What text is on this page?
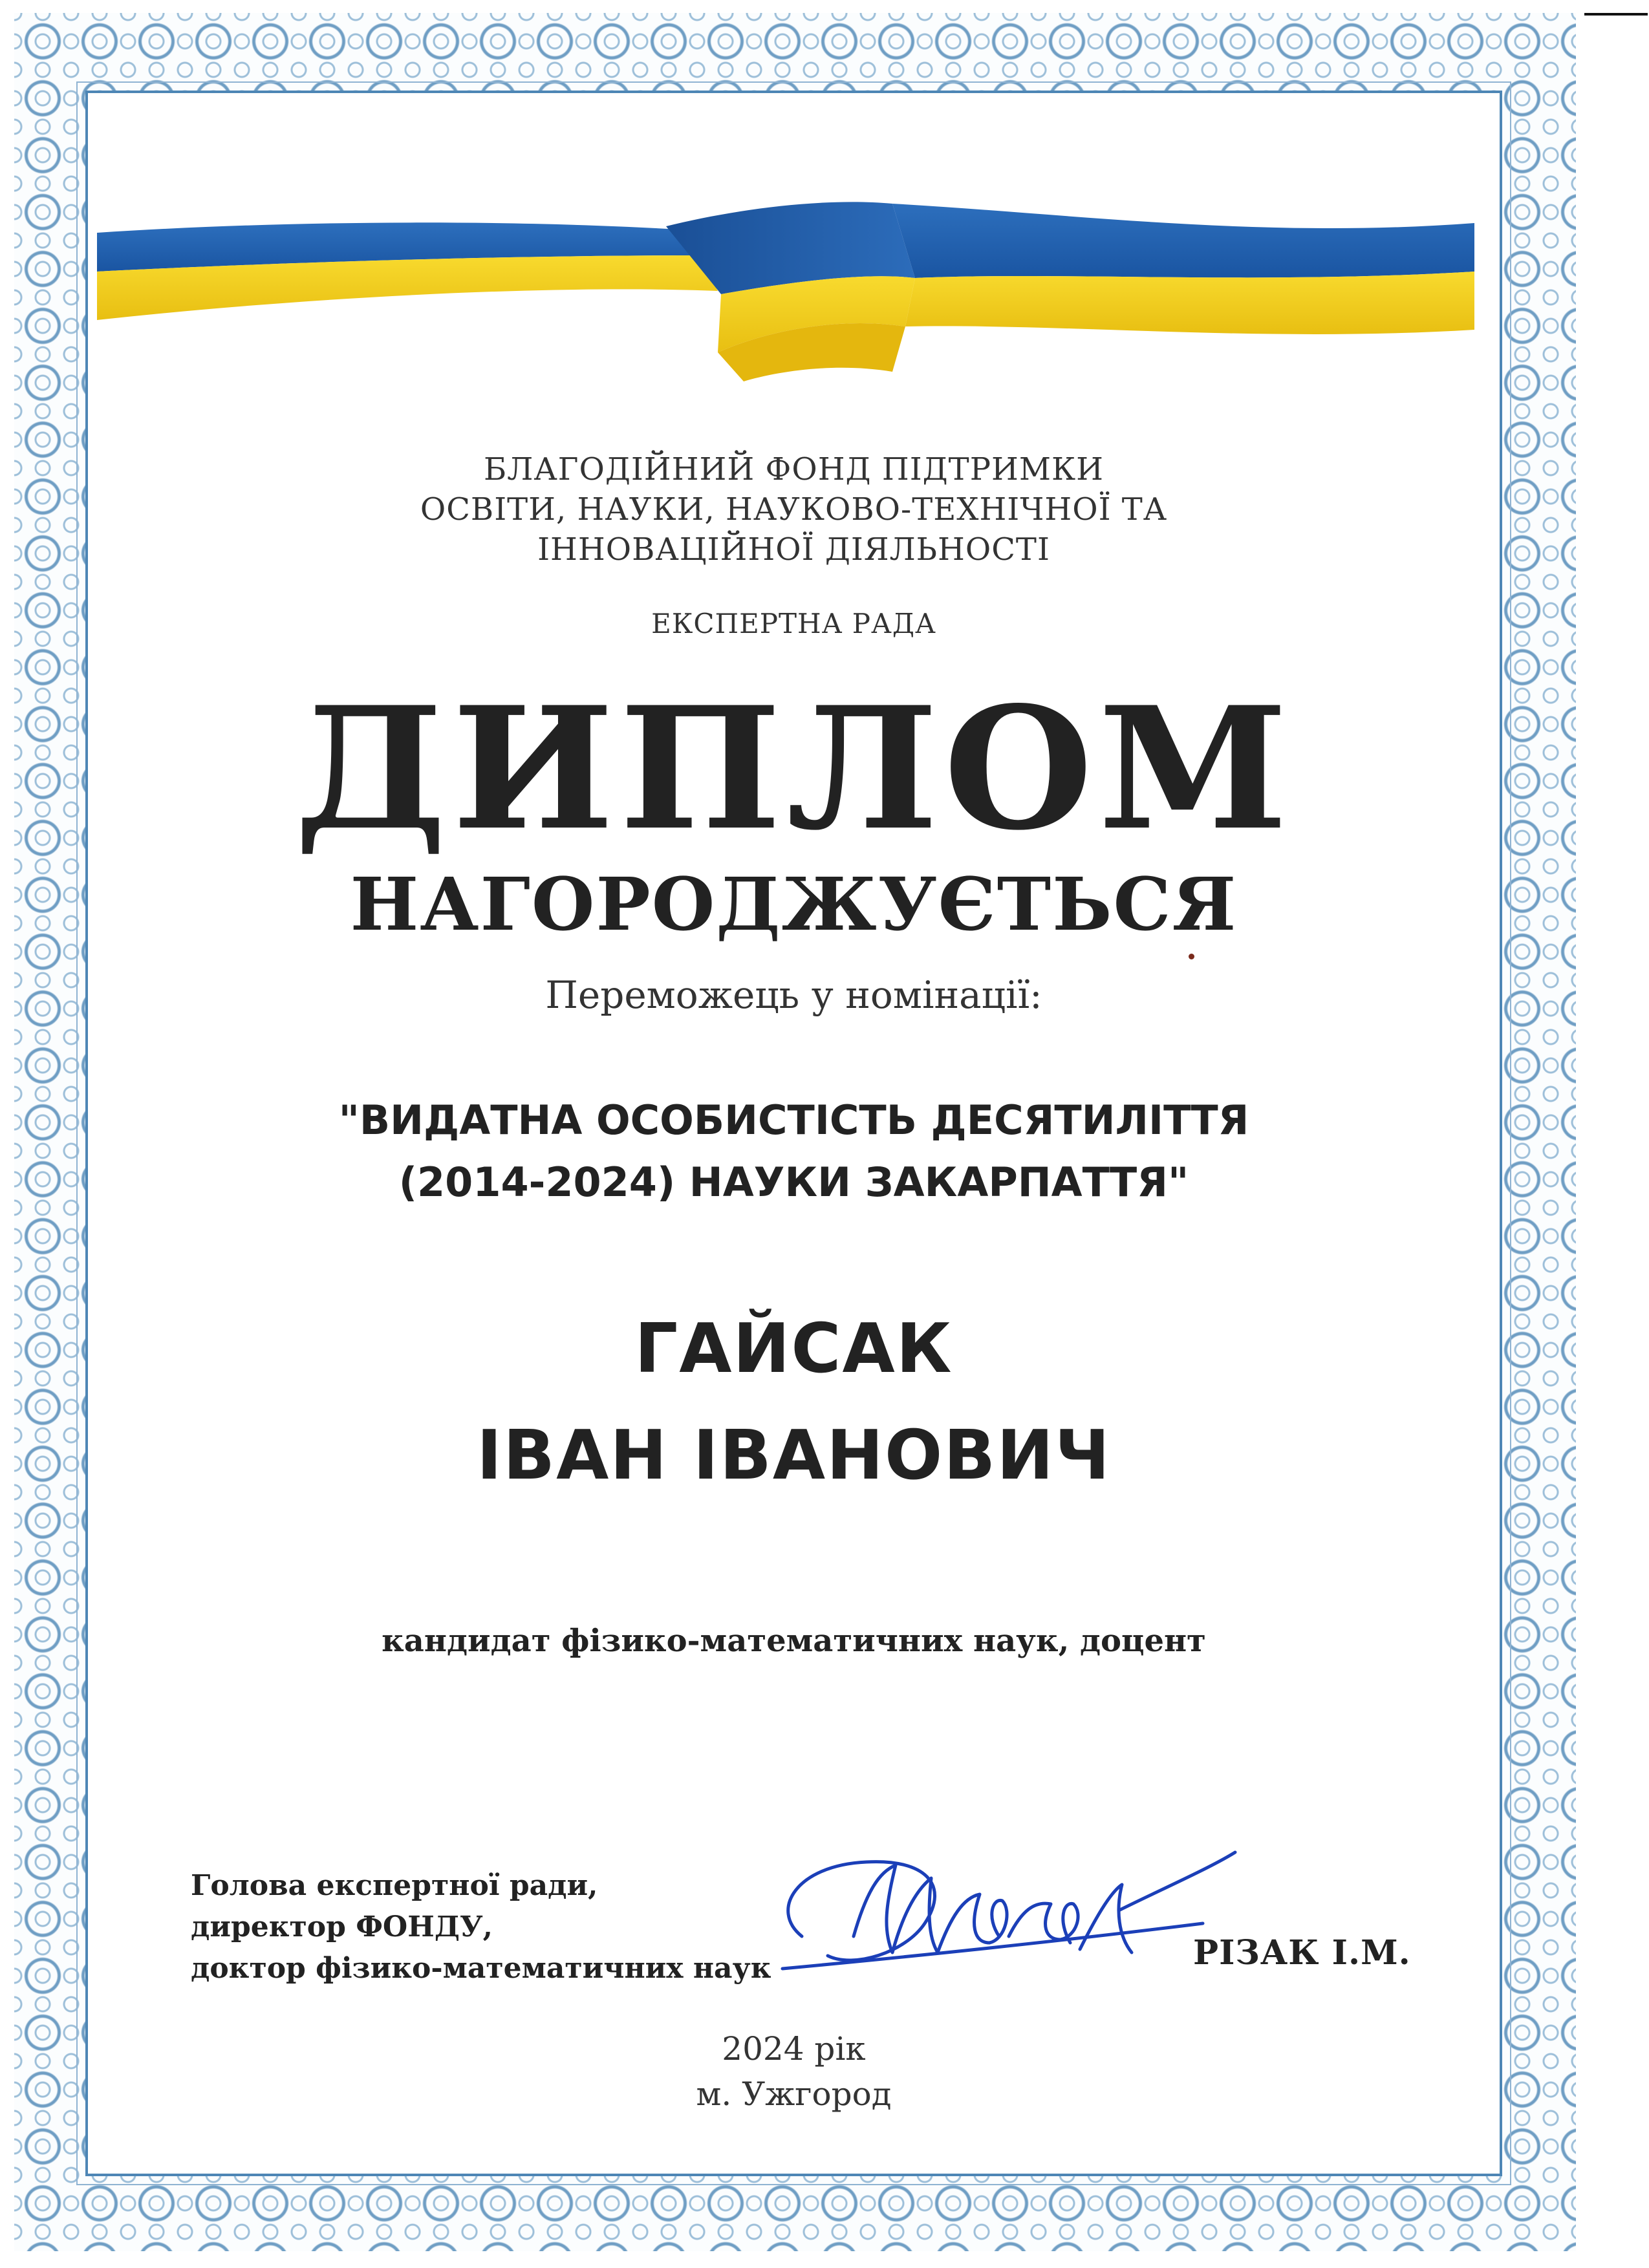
БЛАГОДІЙНИЙ ФОНД ПІДТРИМКИ
ОСВІТИ, НАУКИ, НАУКОВО-ТЕХНІЧНОЇ ТА
ІННОВАЦІЙНОЇ ДІЯЛЬНОСТІ
ЕКСПЕРТНА РАДА
ДИПЛОМ
НАГОРОДЖУЄТЬСЯ
Переможець у номінації:
"ВИДАТНА ОСОБИСТІСТЬ ДЕСЯТИЛІТТЯ
(2014-2024) НАУКИ ЗАКАРПАТТЯ"
ГАЙСАК
ІВАН ІВАНОВИЧ
кандидат фізико-математичних наук, доцент
Голова експертної ради,
директор ФОНДУ,
доктор фізико-математичних наук	РІЗАК І.М.
2024 рік
м. Ужгород
